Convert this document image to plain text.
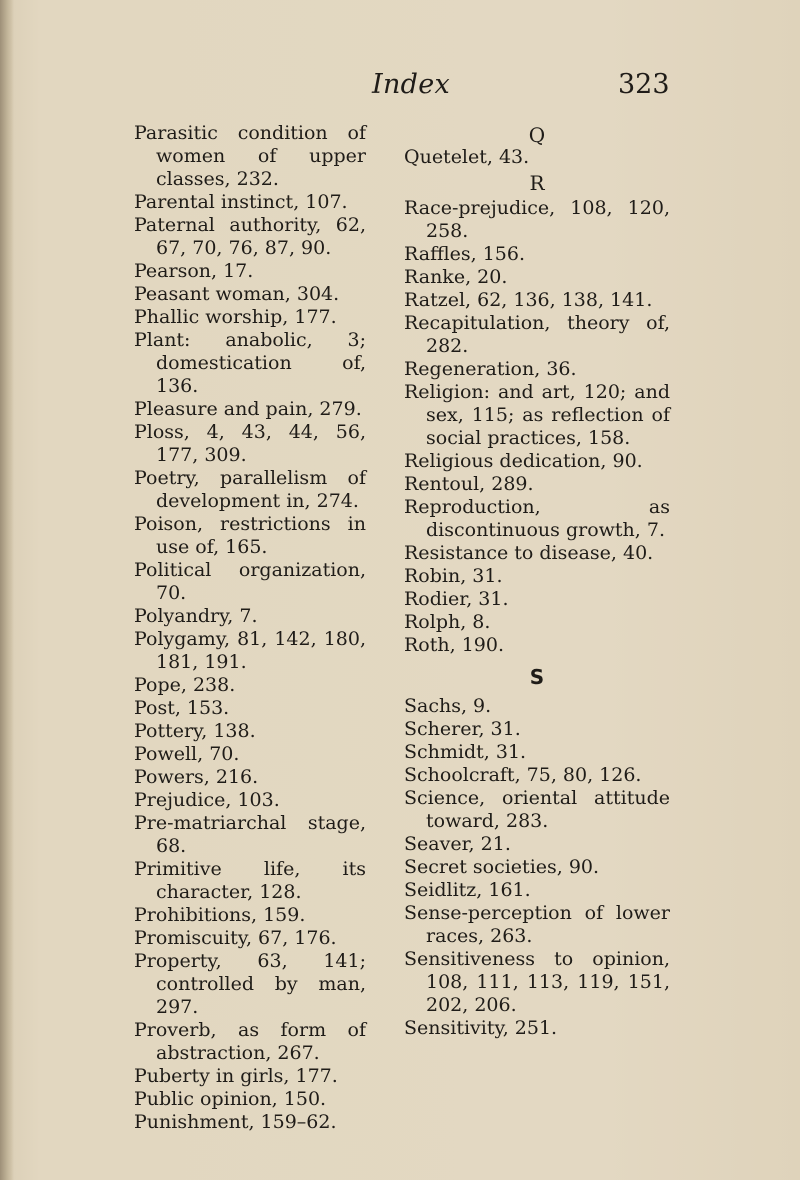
Index	323
Parasitic condition of women of upper classes, 232.
Parental instinct, 107.
Paternal authority, 62, 67, 70, 76, 87, 90.
Pearson, 17.
Peasant woman, 304.
Phallic worship, 177.
Plant: anabolic, 3; domestication of, 136.
Pleasure and pain, 279.
Ploss, 4, 43, 44, 56, 177, 309.
Poetry, parallelism of development in, 274.
Poison, restrictions in use of, 165.
Political organization, 70.
Polyandry, 7.
Polygamy, 81, 142, 180, 181, 191.
Pope, 238.
Post, 153.
Pottery, 138.
Powell, 70.
Powers, 216.
Prejudice, 103.
Pre-matriarchal stage, 68.
Primitive life, its character, 128.
Prohibitions, 159.
Promiscuity, 67, 176.
Property, 63, 141; controlled by man, 297.
Proverb, as form of abstraction, 267.
Puberty in girls, 177.
Public opinion, 150.
Punishment, 159–62.
Q
Quetelet, 43.
R
Race-prejudice, 108, 120, 258.
Raffles, 156.
Ranke, 20.
Ratzel, 62, 136, 138, 141.
Recapitulation, theory of, 282.
Regeneration, 36.
Religion: and art, 120; and sex, 115; as reflection of social practices, 158.
Religious dedication, 90.
Rentoul, 289.
Reproduction, as discontinuous growth, 7.
Resistance to disease, 40.
Robin, 31.
Rodier, 31.
Rolph, 8.
Roth, 190.
S
Sachs, 9.
Scherer, 31.
Schmidt, 31.
Schoolcraft, 75, 80, 126.
Science, oriental attitude toward, 283.
Seaver, 21.
Secret societies, 90.
Seidlitz, 161.
Sense-perception of lower races, 263.
Sensitiveness to opinion, 108, 111, 113, 119, 151, 202, 206.
Sensitivity, 251.
